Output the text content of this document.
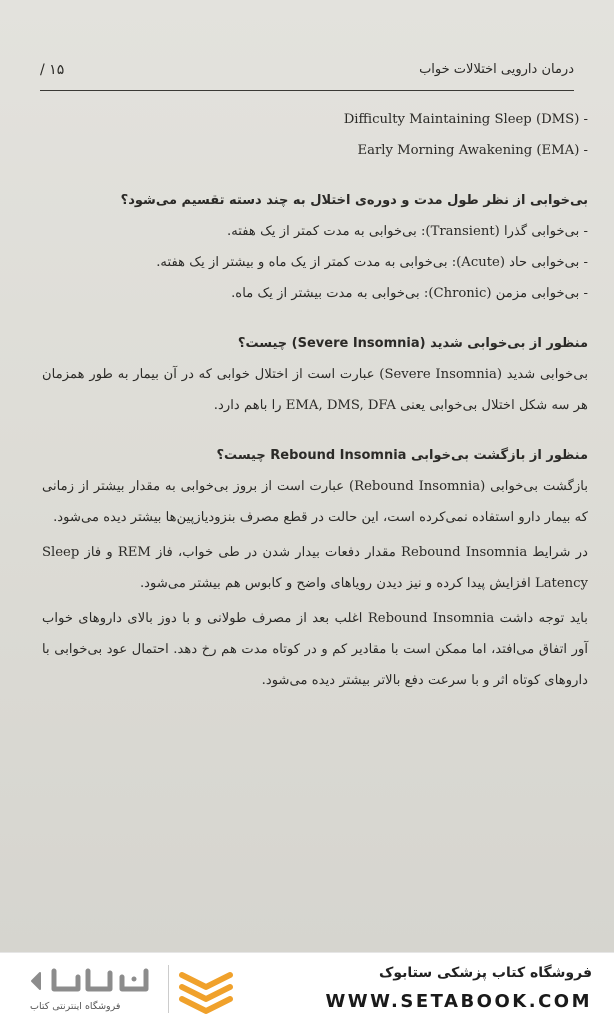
درمان دارویی اختلالات خواب
۱۵ /

Difficulty Maintaining Sleep (DMS) -

Early Morning Awakening (EMA) -

بی‌خوابی از نظر طول مدت و دوره‌ی اختلال به چند دسته تقسیم می‌شود؟

- بی‌خوابی گذرا (Transient): بی‌خوابی به مدت کمتر از یک هفته.

- بی‌خوابی حاد (Acute): بی‌خوابی به مدت کمتر از یک ماه و بیشتر از یک هفته.

- بی‌خوابی مزمن (Chronic): بی‌خوابی به مدت بیشتر از یک ماه.

منظور از بی‌خوابی شدید (Severe Insomnia) چیست؟

بی‌خوابی شدید (Severe Insomnia) عبارت است از اختلال خوابی که در آن بیمار به طور همزمان هر سه شکل اختلال بی‌خوابی یعنی EMA, DMS, DFA را باهم دارد.

منظور از بازگشت بی‌خوابی Rebound Insomnia چیست؟

بازگشت بی‌خوابی (Rebound Insomnia) عبارت است از بروز بی‌خوابی به مقدار بیشتر از زمانی که بیمار دارو استفاده نمی‌کرده است، این حالت در قطع مصرف بنزودیازپین‌ها بیشتر دیده می‌شود.

در شرایط Rebound Insomnia مقدار دفعات بیدار شدن در طی خواب، فاز REM و فاز Sleep Latency افزایش پیدا کرده و نیز دیدن رویاهای واضح و کابوس هم بیشتر می‌شود.

باید توجه داشت Rebound Insomnia اغلب بعد از مصرف طولانی و با دوز بالای داروهای خواب آور اتفاق می‌افتد، اما ممکن است با مقادیر کم و در کوتاه مدت هم رخ دهد. احتمال عود بی‌خوابی با داروهای کوتاه اثر و با سرعت دفع بالاتر بیشتر دیده می‌شود.

فروشگاه اینترنتی کتاب
فروشگاه کتاب پزشکی ستابوک
WWW.SETABOOK.COM
